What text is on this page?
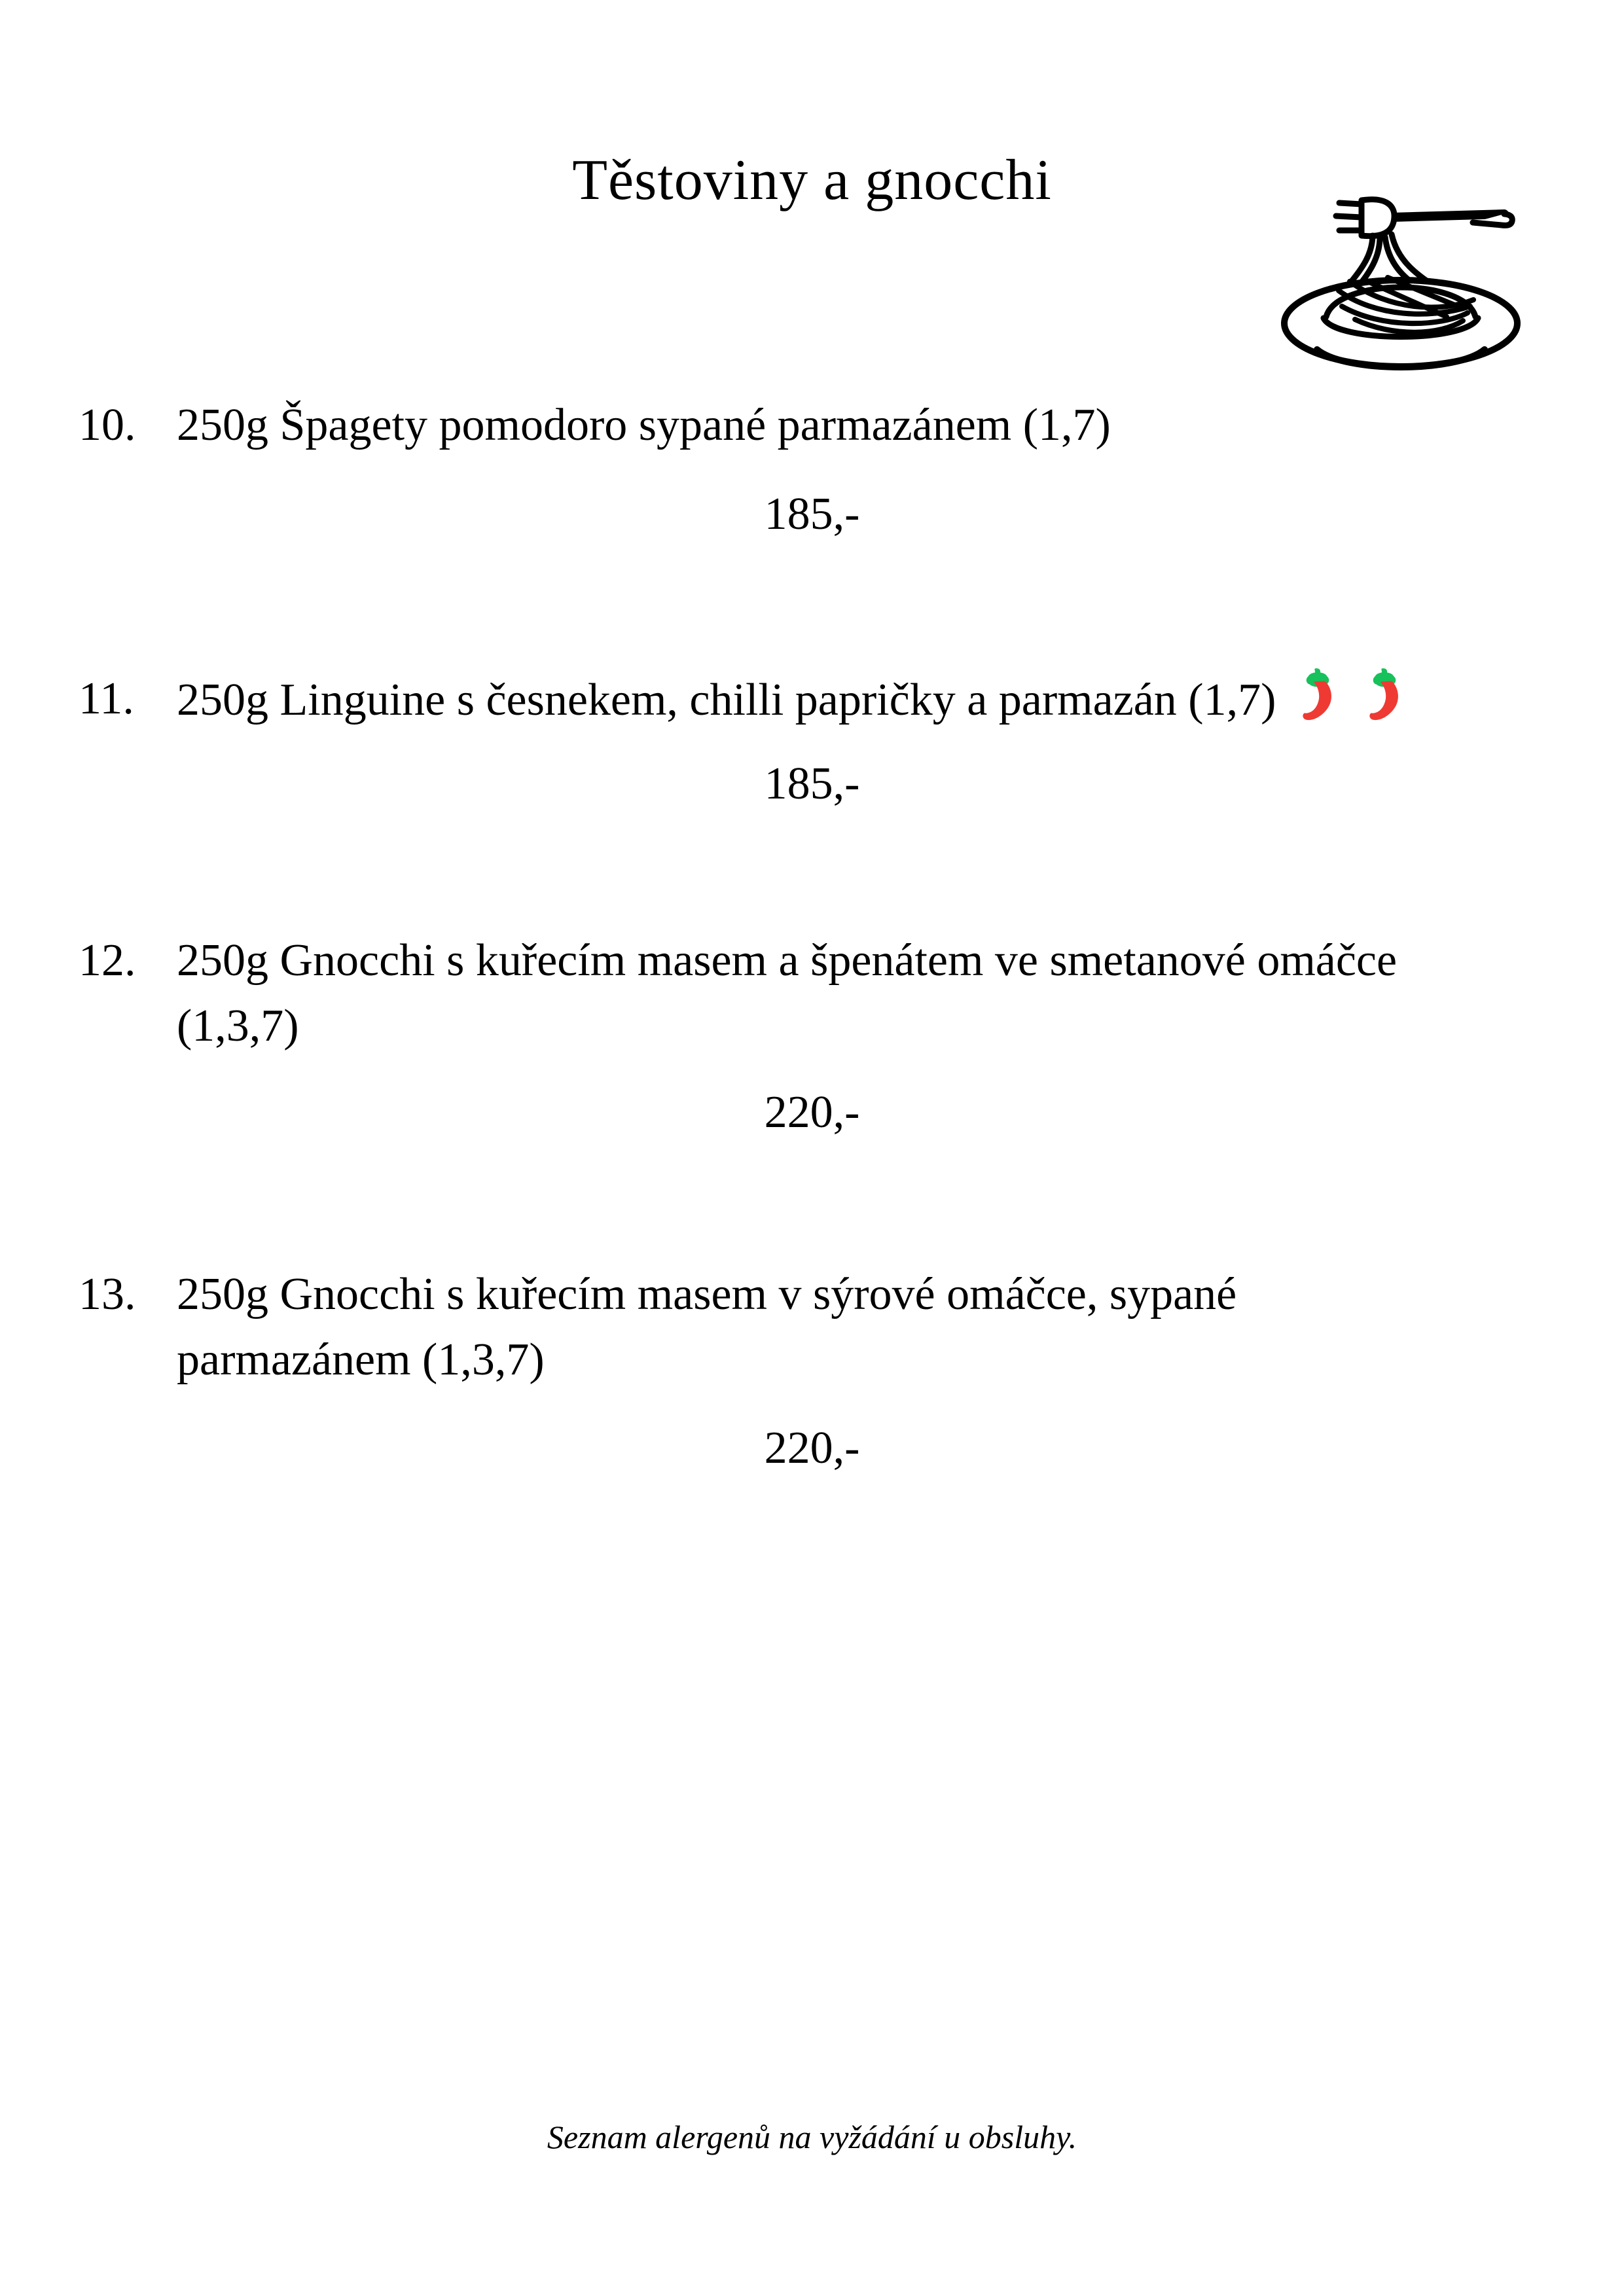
Těstoviny a gnocchi
10. 250g Špagety pomodoro sypané parmazánem (1,7)
185,-
11. 250g Linguine s česnekem, chilli papričky a parmazán (1,7)
185,-
12. 250g Gnocchi s kuřecím masem a špenátem ve smetanové omáčce
(1,3,7)
220,-
13. 250g Gnocchi s kuřecím masem v sýrové omáčce, sypané
parmazánem (1,3,7)
220,-
Seznam alergenů na vyžádání u obsluhy.
